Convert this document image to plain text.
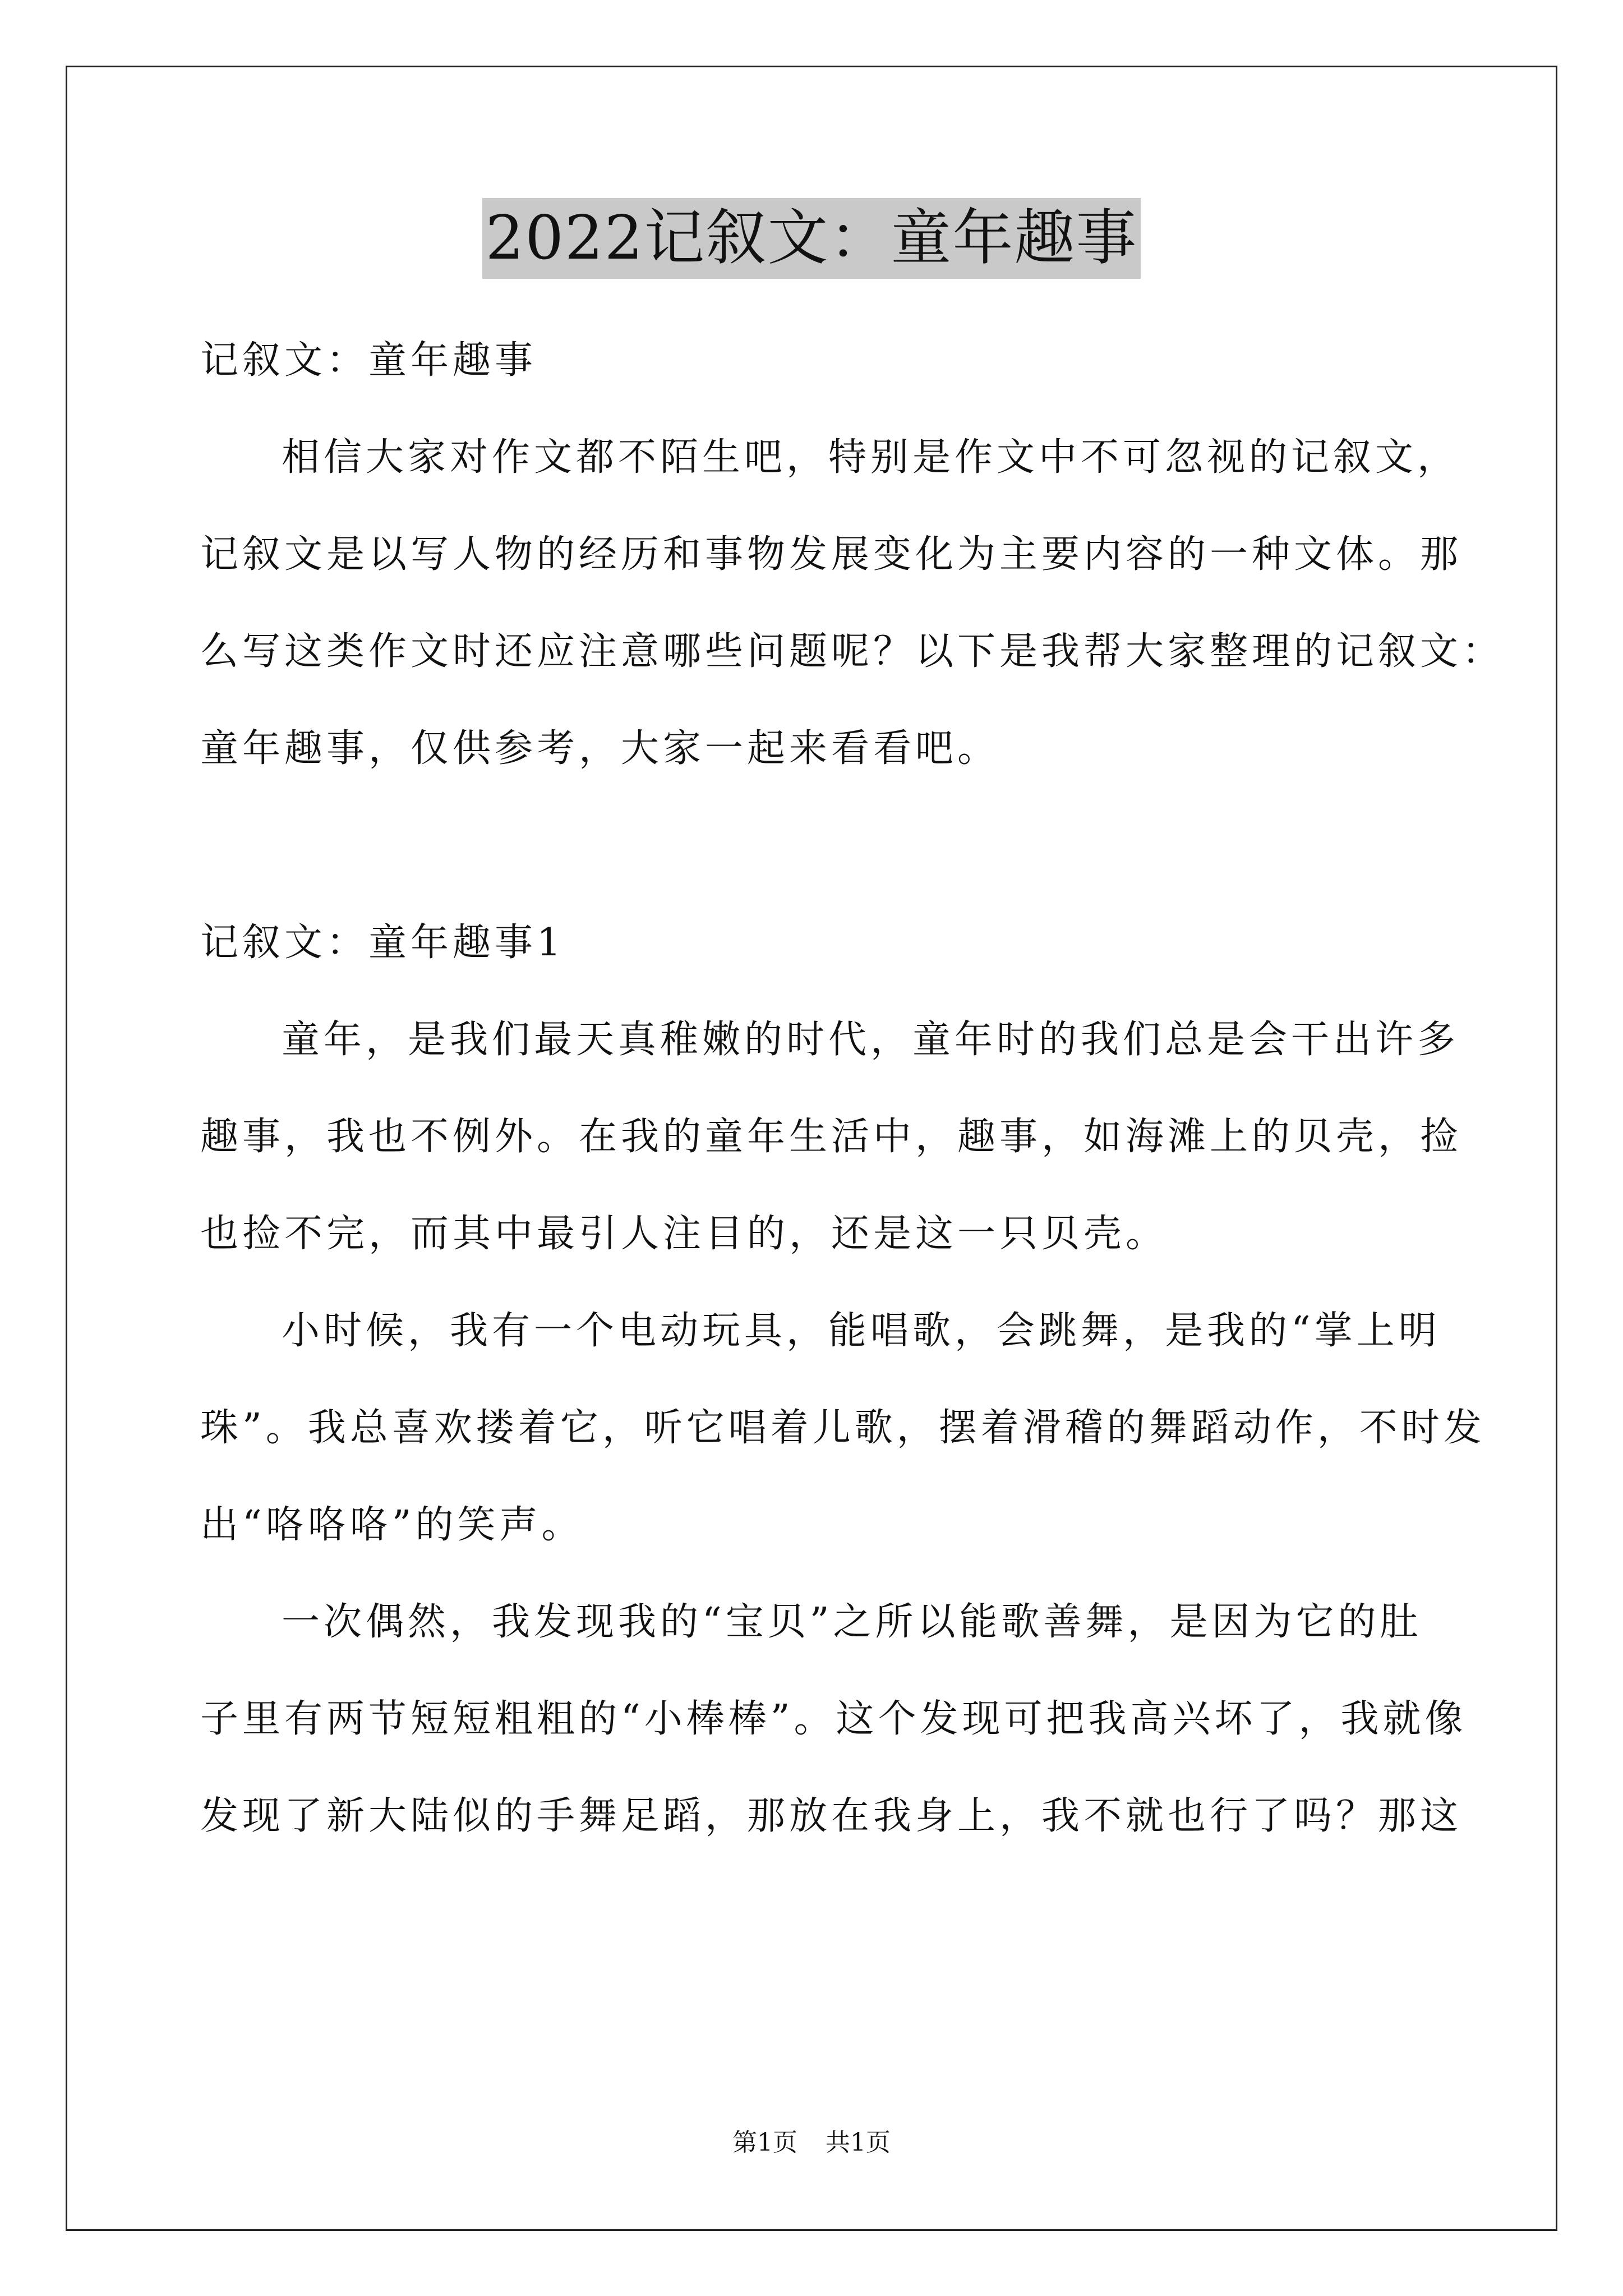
2022记叙文：童年趣事
记叙文：童年趣事
相信大家对作文都不陌生吧，特别是作文中不可忽视的记叙文，
记叙文是以写人物的经历和事物发展变化为主要内容的一种文体。那
么写这类作文时还应注意哪些问题呢？以下是我帮大家整理的记叙文：
童年趣事，仅供参考，大家一起来看看吧。
记叙文：童年趣事1
童年，是我们最天真稚嫩的时代，童年时的我们总是会干出许多
趣事，我也不例外。在我的童年生活中，趣事，如海滩上的贝壳，捡
也捡不完，而其中最引人注目的，还是这一只贝壳。
小时候，我有一个电动玩具，能唱歌，会跳舞，是我的“掌上明
珠”。我总喜欢搂着它，听它唱着儿歌，摆着滑稽的舞蹈动作，不时发
出“咯咯咯”的笑声。
一次偶然，我发现我的“宝贝”之所以能歌善舞，是因为它的肚
子里有两节短短粗粗的“小棒棒”。这个发现可把我高兴坏了，我就像
发现了新大陆似的手舞足蹈，那放在我身上，我不就也行了吗？那这
第1页 共1页
